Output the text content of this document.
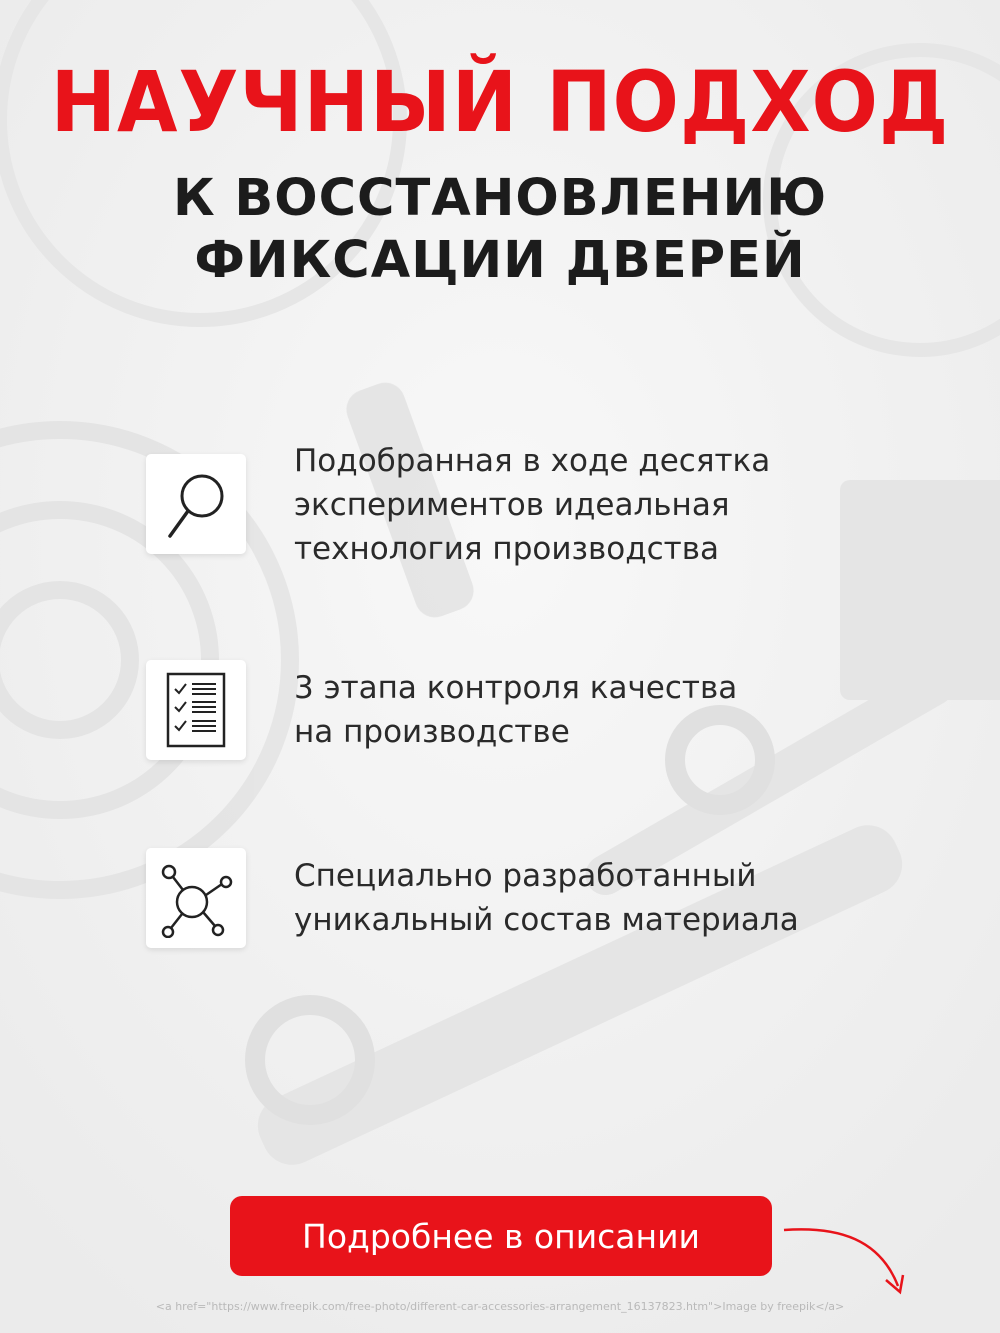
НАУЧНЫЙ ПОДХОД
К ВОССТАНОВЛЕНИЮ
ФИКСАЦИИ ДВЕРЕЙ
Подобранная в ходе десятка
экспериментов идеальная
технология производства
3 этапа контроля качества
на производстве
Специально разработанный
уникальный состав материала
Подробнее в описании
<a href="https://www.freepik.com/free-photo/different-car-accessories-arrangement_16137823.htm">Image by freepik</a>
